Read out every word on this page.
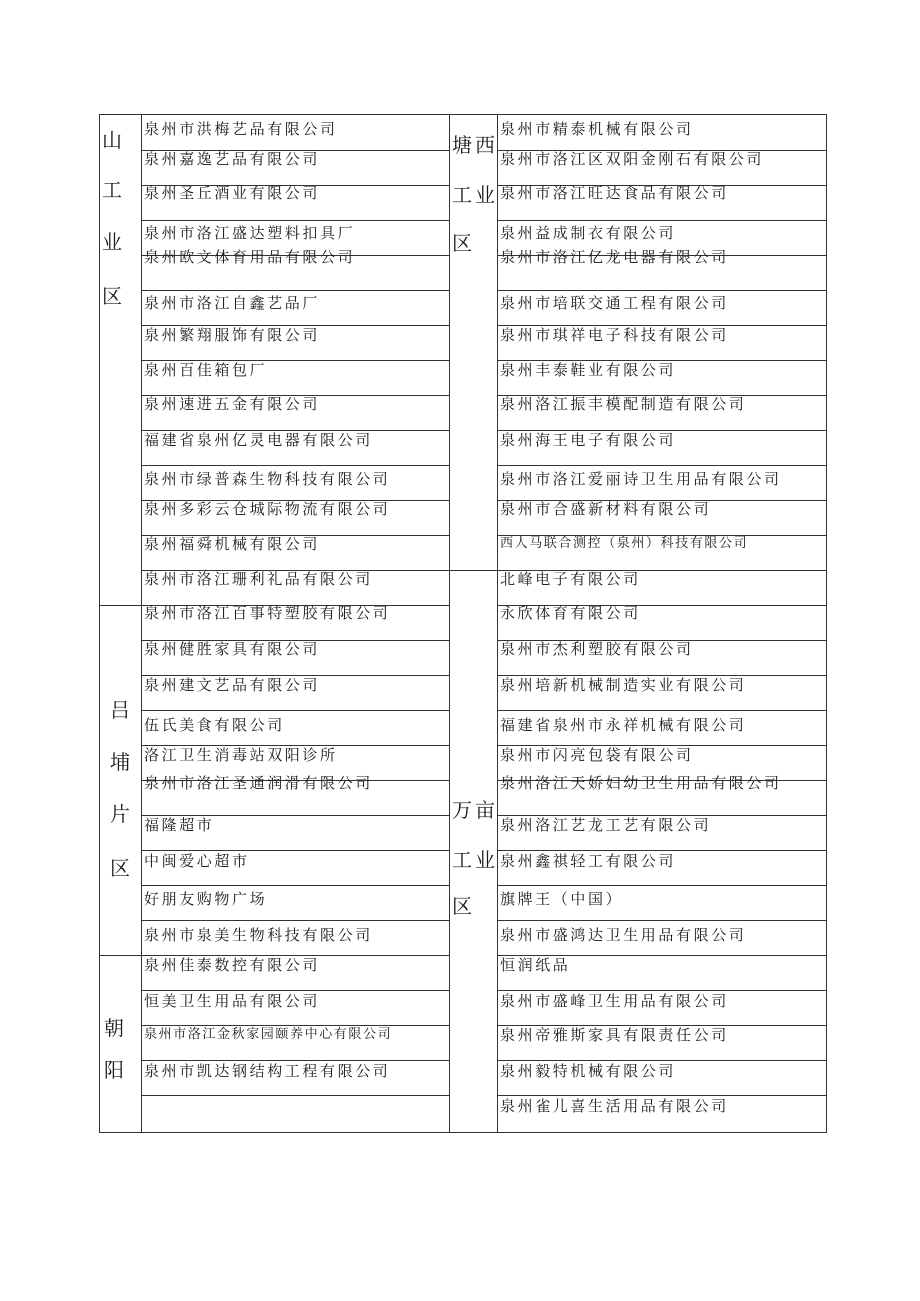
泉州市洪梅艺品有限公司
泉州嘉逸艺品有限公司
泉州圣丘酒业有限公司
泉州市洛江盛达塑料扣具厂
泉州欧文体育用品有限公司
泉州市洛江自鑫艺品厂
泉州繁翔服饰有限公司
泉州百佳箱包厂
泉州速进五金有限公司
福建省泉州亿灵电器有限公司
泉州市绿普森生物科技有限公司
泉州多彩云仓城际物流有限公司
泉州福舜机械有限公司
泉州市洛江珊利礼品有限公司
泉州市洛江百事特塑胶有限公司
泉州健胜家具有限公司
泉州建文艺品有限公司
伍氏美食有限公司
洛江卫生消毒站双阳诊所
泉州市洛江圣通润滑有限公司
福隆超市
中闽爱心超市
好朋友购物广场
泉州市泉美生物科技有限公司
泉州佳泰数控有限公司
恒美卫生用品有限公司
泉州市洛江金秋家园颐养中心有限公司
泉州市凯达钢结构工程有限公司
泉州市精泰机械有限公司
泉州市洛江区双阳金刚石有限公司
泉州市洛江旺达食品有限公司
泉州益成制衣有限公司
泉州市洛江亿龙电器有限公司
泉州市培联交通工程有限公司
泉州市琪祥电子科技有限公司
泉州丰泰鞋业有限公司
泉州洛江振丰模配制造有限公司
泉州海王电子有限公司
泉州市洛江爱丽诗卫生用品有限公司
泉州市合盛新材料有限公司
西人马联合测控（泉州）科技有限公司
北峰电子有限公司
永欣体育有限公司
泉州市杰利塑胶有限公司
泉州培新机械制造实业有限公司
福建省泉州市永祥机械有限公司
泉州市闪亮包袋有限公司
泉州洛江天娇妇幼卫生用品有限公司
泉州洛江艺龙工艺有限公司
泉州鑫祺轻工有限公司
旗牌王（中国）
泉州市盛鸿达卫生用品有限公司
恒润纸品
泉州市盛峰卫生用品有限公司
泉州帝雅斯家具有限责任公司
泉州毅特机械有限公司
泉州雀儿喜生活用品有限公司
山
工
业
区
吕
埔
片
区
朝
阳
塘 西
工 业
区
万 亩
工 业
区
